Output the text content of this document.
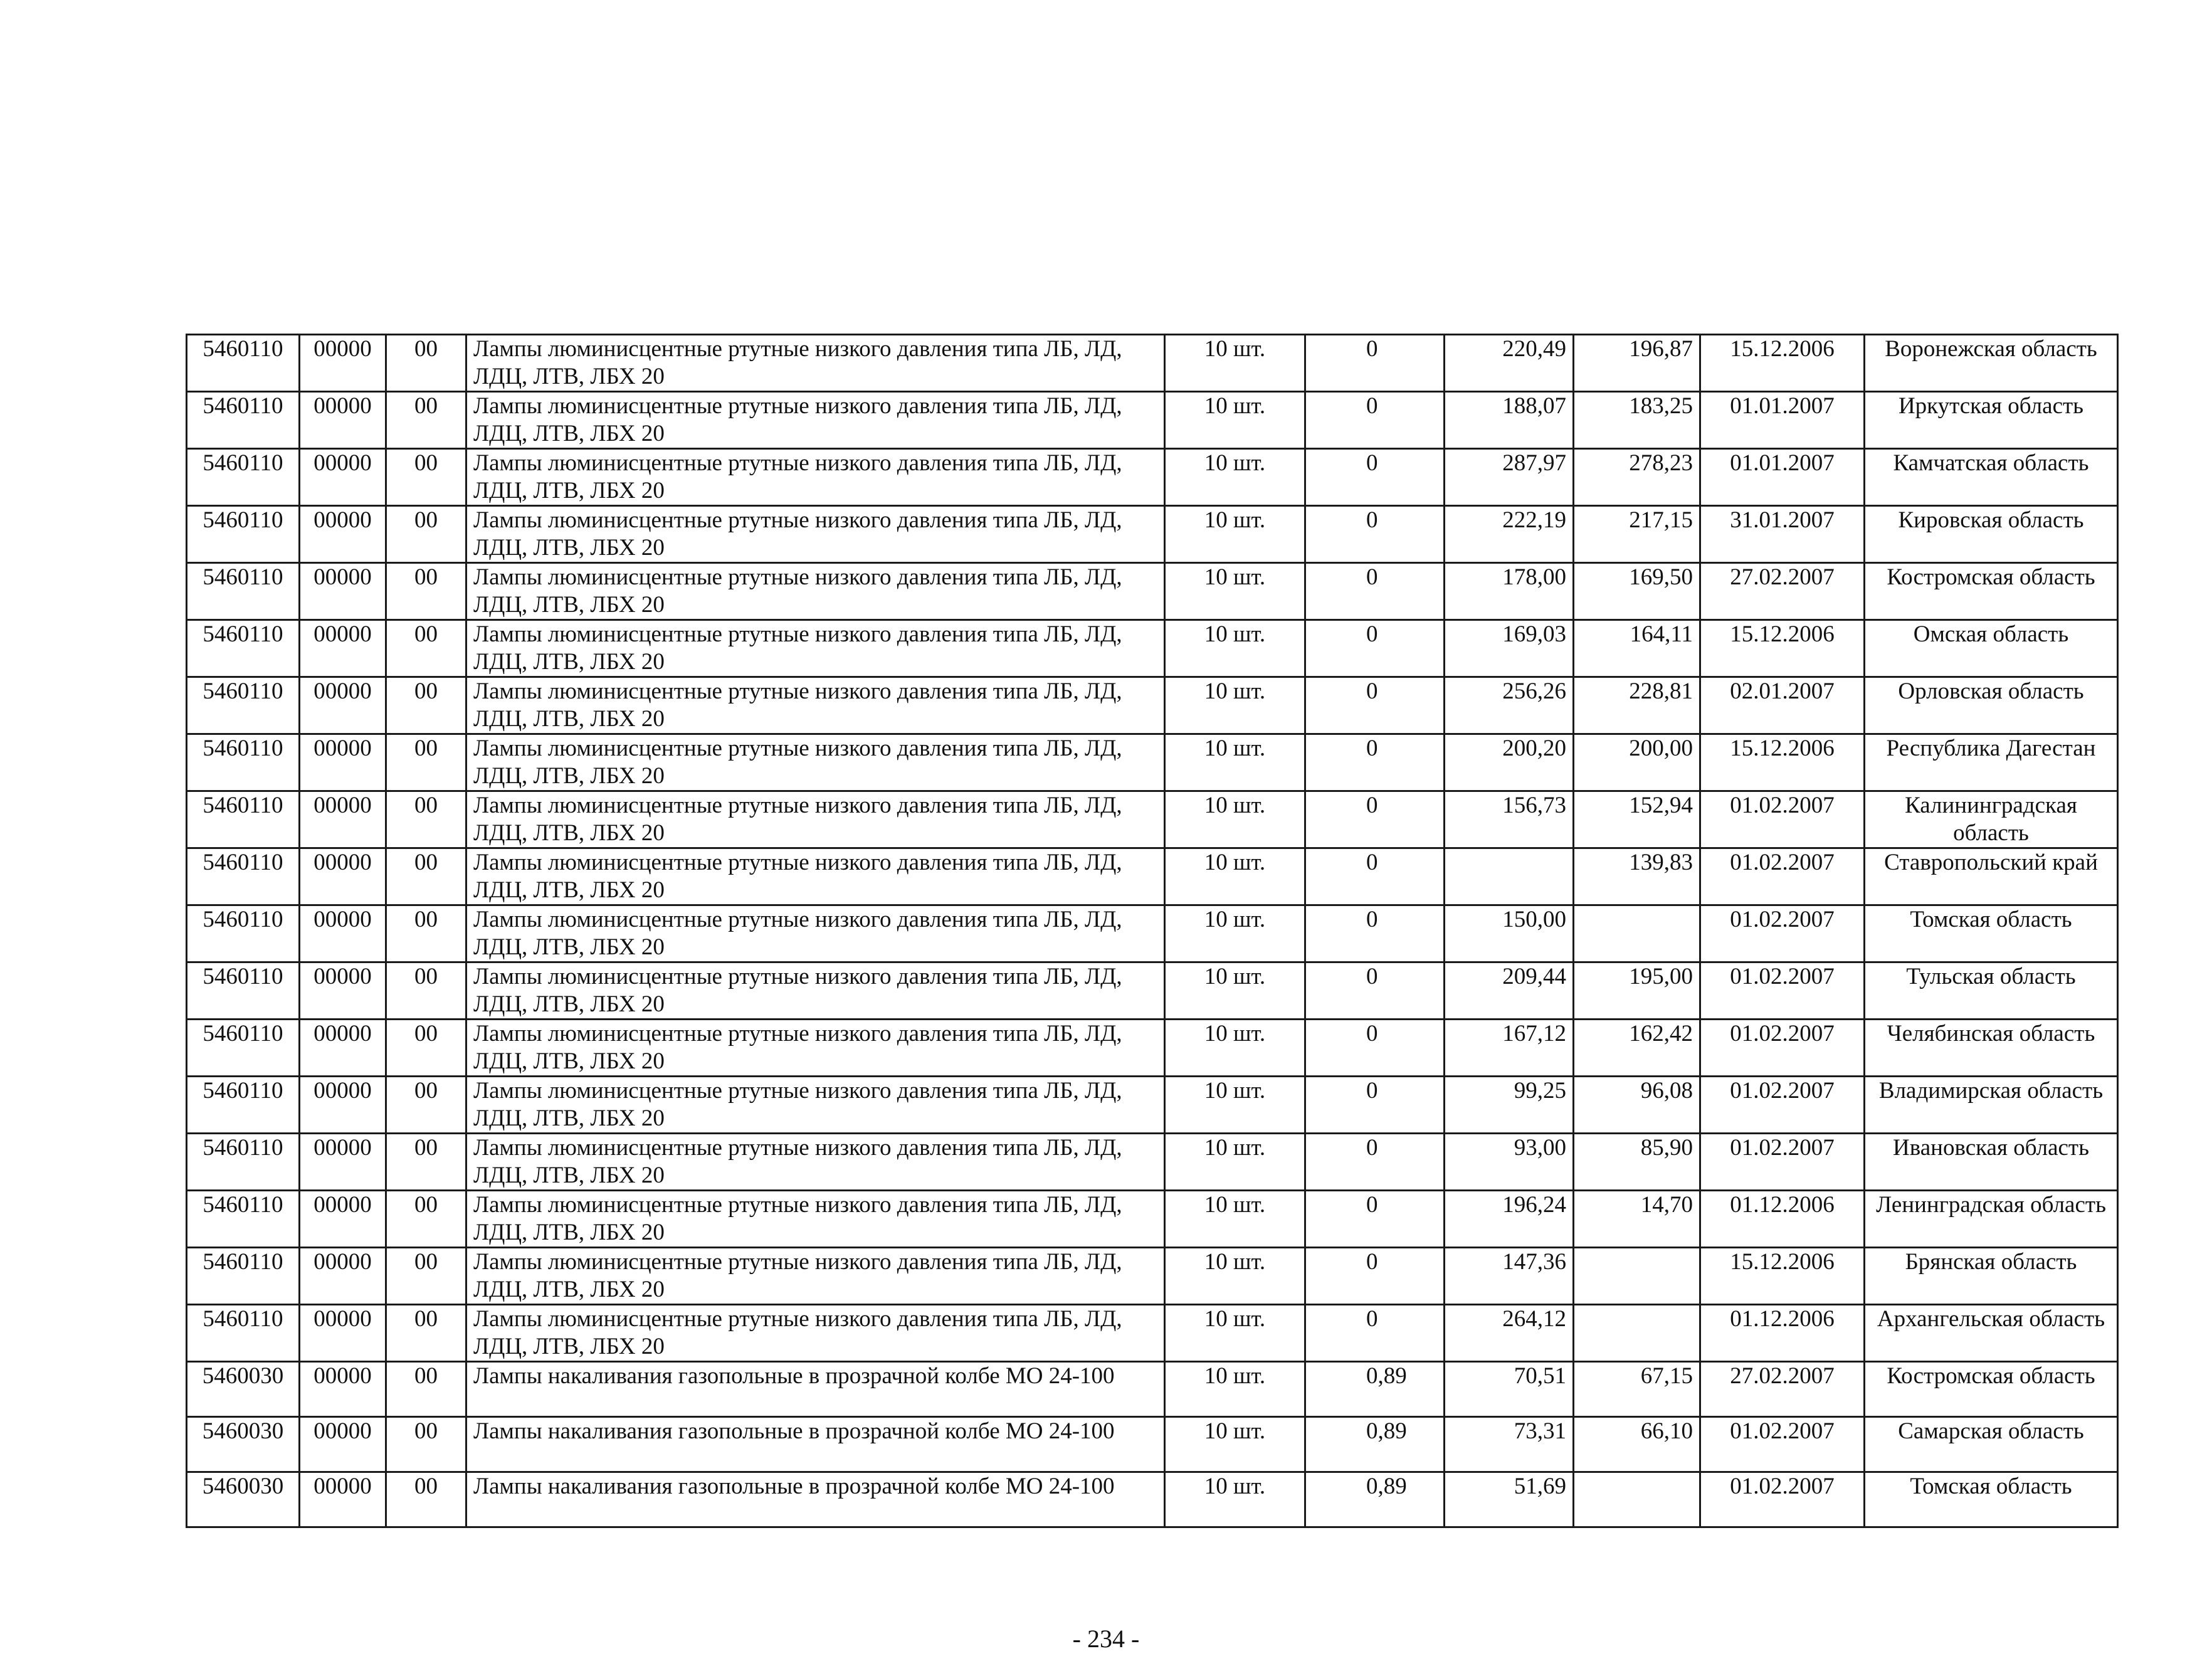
5460110	00000	00	Лампы люминисцентные ртутные низкого давления типа ЛБ, ЛД, ЛДЦ, ЛТВ, ЛБХ 20	10 шт.	0	220,49	196,87	15.12.2006	Воронежская область
5460110	00000	00	Лампы люминисцентные ртутные низкого давления типа ЛБ, ЛД, ЛДЦ, ЛТВ, ЛБХ 20	10 шт.	0	188,07	183,25	01.01.2007	Иркутская область
5460110	00000	00	Лампы люминисцентные ртутные низкого давления типа ЛБ, ЛД, ЛДЦ, ЛТВ, ЛБХ 20	10 шт.	0	287,97	278,23	01.01.2007	Камчатская область
5460110	00000	00	Лампы люминисцентные ртутные низкого давления типа ЛБ, ЛД, ЛДЦ, ЛТВ, ЛБХ 20	10 шт.	0	222,19	217,15	31.01.2007	Кировская область
5460110	00000	00	Лампы люминисцентные ртутные низкого давления типа ЛБ, ЛД, ЛДЦ, ЛТВ, ЛБХ 20	10 шт.	0	178,00	169,50	27.02.2007	Костромская область
5460110	00000	00	Лампы люминисцентные ртутные низкого давления типа ЛБ, ЛД, ЛДЦ, ЛТВ, ЛБХ 20	10 шт.	0	169,03	164,11	15.12.2006	Омская область
5460110	00000	00	Лампы люминисцентные ртутные низкого давления типа ЛБ, ЛД, ЛДЦ, ЛТВ, ЛБХ 20	10 шт.	0	256,26	228,81	02.01.2007	Орловская область
5460110	00000	00	Лампы люминисцентные ртутные низкого давления типа ЛБ, ЛД, ЛДЦ, ЛТВ, ЛБХ 20	10 шт.	0	200,20	200,00	15.12.2006	Республика Дагестан
5460110	00000	00	Лампы люминисцентные ртутные низкого давления типа ЛБ, ЛД, ЛДЦ, ЛТВ, ЛБХ 20	10 шт.	0	156,73	152,94	01.02.2007	Калининградская область
5460110	00000	00	Лампы люминисцентные ртутные низкого давления типа ЛБ, ЛД, ЛДЦ, ЛТВ, ЛБХ 20	10 шт.	0		139,83	01.02.2007	Ставропольский край
5460110	00000	00	Лампы люминисцентные ртутные низкого давления типа ЛБ, ЛД, ЛДЦ, ЛТВ, ЛБХ 20	10 шт.	0	150,00		01.02.2007	Томская область
5460110	00000	00	Лампы люминисцентные ртутные низкого давления типа ЛБ, ЛД, ЛДЦ, ЛТВ, ЛБХ 20	10 шт.	0	209,44	195,00	01.02.2007	Тульская область
5460110	00000	00	Лампы люминисцентные ртутные низкого давления типа ЛБ, ЛД, ЛДЦ, ЛТВ, ЛБХ 20	10 шт.	0	167,12	162,42	01.02.2007	Челябинская область
5460110	00000	00	Лампы люминисцентные ртутные низкого давления типа ЛБ, ЛД, ЛДЦ, ЛТВ, ЛБХ 20	10 шт.	0	99,25	96,08	01.02.2007	Владимирская область
5460110	00000	00	Лампы люминисцентные ртутные низкого давления типа ЛБ, ЛД, ЛДЦ, ЛТВ, ЛБХ 20	10 шт.	0	93,00	85,90	01.02.2007	Ивановская область
5460110	00000	00	Лампы люминисцентные ртутные низкого давления типа ЛБ, ЛД, ЛДЦ, ЛТВ, ЛБХ 20	10 шт.	0	196,24	14,70	01.12.2006	Ленинградская область
5460110	00000	00	Лампы люминисцентные ртутные низкого давления типа ЛБ, ЛД, ЛДЦ, ЛТВ, ЛБХ 20	10 шт.	0	147,36		15.12.2006	Брянская область
5460110	00000	00	Лампы люминисцентные ртутные низкого давления типа ЛБ, ЛД, ЛДЦ, ЛТВ, ЛБХ 20	10 шт.	0	264,12		01.12.2006	Архангельская область
5460030	00000	00	Лампы накаливания газопольные в прозрачной колбе МО 24-100	10 шт.	0,89	70,51	67,15	27.02.2007	Костромская область
5460030	00000	00	Лампы накаливания газопольные в прозрачной колбе МО 24-100	10 шт.	0,89	73,31	66,10	01.02.2007	Самарская область
5460030	00000	00	Лампы накаливания газопольные в прозрачной колбе МО 24-100	10 шт.	0,89	51,69		01.02.2007	Томская область
- 234 -
